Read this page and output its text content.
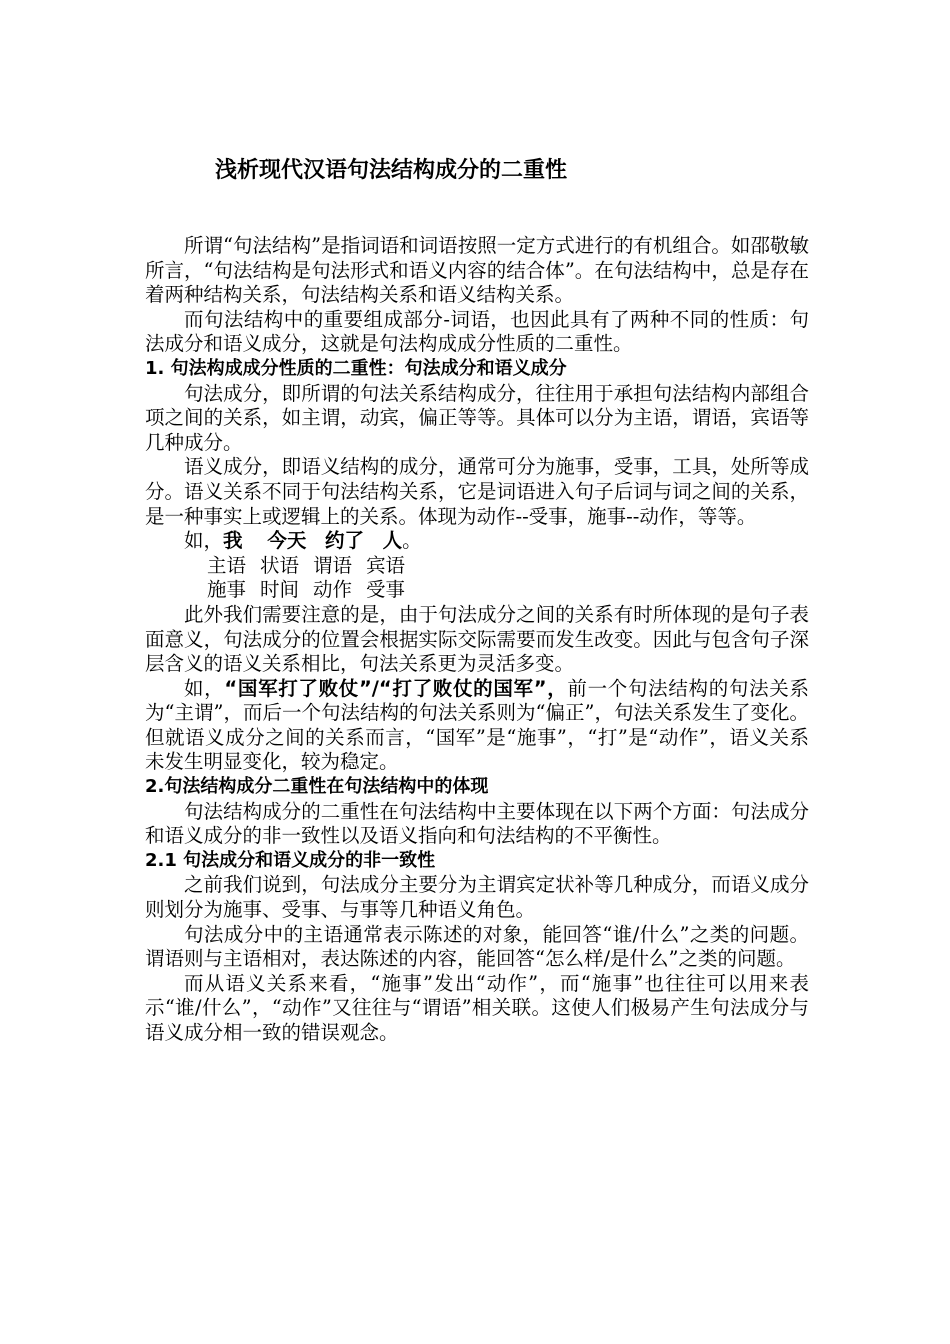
浅析现代汉语句法结构成分的二重性

所谓“句法结构”是指词语和词语按照一定方式进行的有机组合。如邵敬敏所言，“句法结构是句法形式和语义内容的结合体”。在句法结构中，总是存在着两种结构关系，句法结构关系和语义结构关系。

而句法结构中的重要组成部分-词语，也因此具有了两种不同的性质：句法成分和语义成分，这就是句法构成成分性质的二重性。

1. 句法构成成分性质的二重性：句法成分和语义成分

句法成分，即所谓的句法关系结构成分，往往用于承担句法结构内部组合项之间的关系，如主谓，动宾，偏正等等。具体可以分为主语，谓语，宾语等几种成分。

语义成分，即语义结构的成分，通常可分为施事，受事，工具，处所等成分。语义关系不同于句法结构关系，它是词语进入句子后词与词之间的关系，是一种事实上或逻辑上的关系。体现为动作--受事，施事--动作，等等。

如，我 今天 约了 人。

主语 状语 谓语 宾语

施事 时间 动作 受事

此外我们需要注意的是，由于句法成分之间的关系有时所体现的是句子表面意义，句法成分的位置会根据实际交际需要而发生改变。因此与包含句子深层含义的语义关系相比，句法关系更为灵活多变。

如，“国军打了败仗”/“打了败仗的国军”，前一个句法结构的句法关系为“主谓”，而后一个句法结构的句法关系则为“偏正”，句法关系发生了变化。但就语义成分之间的关系而言，“国军”是“施事”，“打”是“动作”，语义关系未发生明显变化，较为稳定。

2.句法结构成分二重性在句法结构中的体现

句法结构成分的二重性在句法结构中主要体现在以下两个方面：句法成分和语义成分的非一致性以及语义指向和句法结构的不平衡性。

2.1 句法成分和语义成分的非一致性

之前我们说到，句法成分主要分为主谓宾定状补等几种成分，而语义成分则划分为施事、受事、与事等几种语义角色。

句法成分中的主语通常表示陈述的对象，能回答“谁/什么”之类的问题。谓语则与主语相对，表达陈述的内容，能回答“怎么样/是什么”之类的问题。

而从语义关系来看，“施事”发出“动作”，而“施事”也往往可以用来表示“谁/什么”，“动作”又往往与“谓语”相关联。这使人们极易产生句法成分与语义成分相一致的错误观念。
